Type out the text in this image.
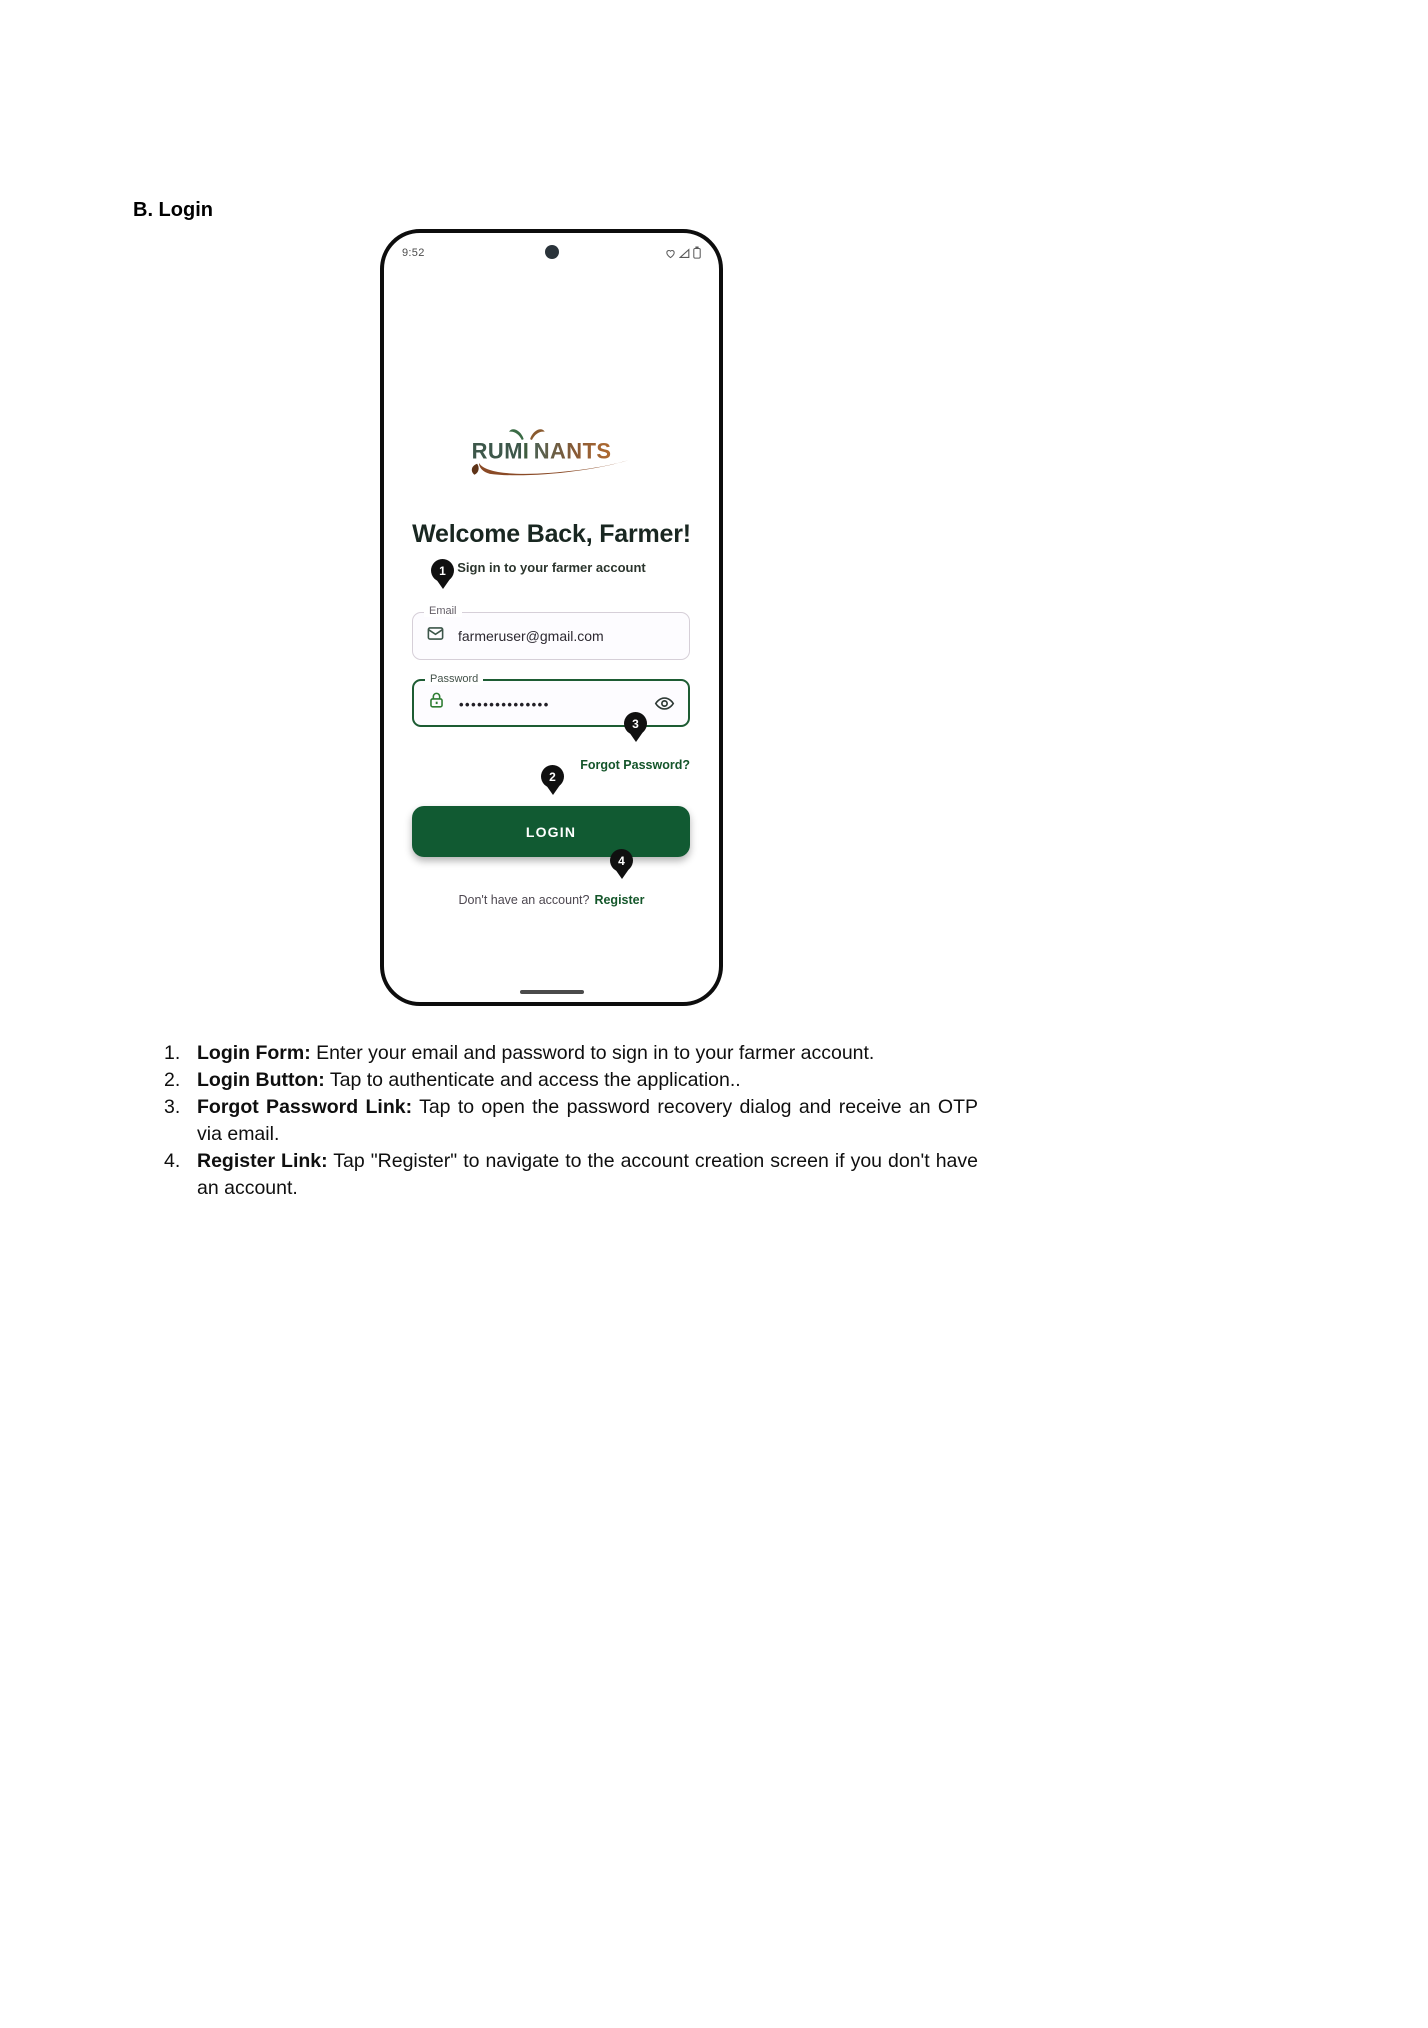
B. Login
9:52
RUM I NANTS
Welcome Back, Farmer!
Sign in to your farmer account
1
3
2
4
Email
farmeruser@gmail.com
Password
•••••••••••••••
Forgot Password?
LOGIN
Don't have an account? Register
1. Login Form: Enter your email and password to sign in to your farmer account.
2. Login Button: Tap to authenticate and access the application..
3. Forgot Password Link: Tap to open the password recovery dialog and receive an OTP via email.
4. Register Link: Tap "Register" to navigate to the account creation screen if you don't have an account.
